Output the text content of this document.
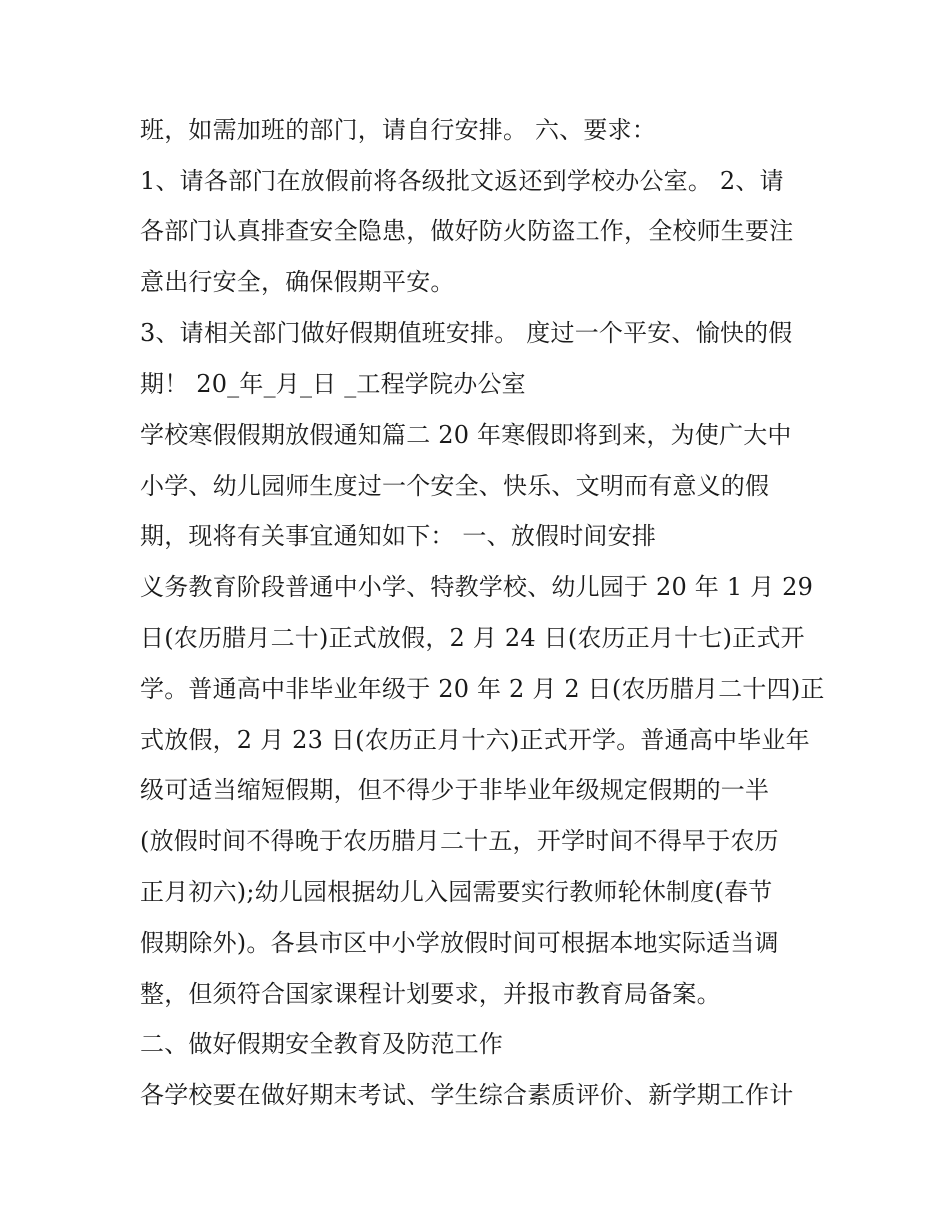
班，如需加班的部门，请自行安排。 六、要求：
1、请各部门在放假前将各级批文返还到学校办公室。 2、请
各部门认真排查安全隐患，做好防火防盗工作，全校师生要注
意出行安全，确保假期平安。
3、请相关部门做好假期值班安排。 度过一个平安、愉快的假
期！ 20_年_月_日 _工程学院办公室
学校寒假假期放假通知篇二 20 年寒假即将到来，为使广大中
小学、幼儿园师生度过一个安全、快乐、文明而有意义的假
期，现将有关事宜通知如下： 一、放假时间安排
义务教育阶段普通中小学、特教学校、幼儿园于 20 年 1 月 29
日(农历腊月二十)正式放假，2 月 24 日(农历正月十七)正式开
学。普通高中非毕业年级于 20 年 2 月 2 日(农历腊月二十四)正
式放假，2 月 23 日(农历正月十六)正式开学。普通高中毕业年
级可适当缩短假期，但不得少于非毕业年级规定假期的一半
(放假时间不得晚于农历腊月二十五，开学时间不得早于农历
正月初六);幼儿园根据幼儿入园需要实行教师轮休制度(春节
假期除外)。各县市区中小学放假时间可根据本地实际适当调
整，但须符合国家课程计划要求，并报市教育局备案。
二、做好假期安全教育及防范工作
各学校要在做好期末考试、学生综合素质评价、新学期工作计
